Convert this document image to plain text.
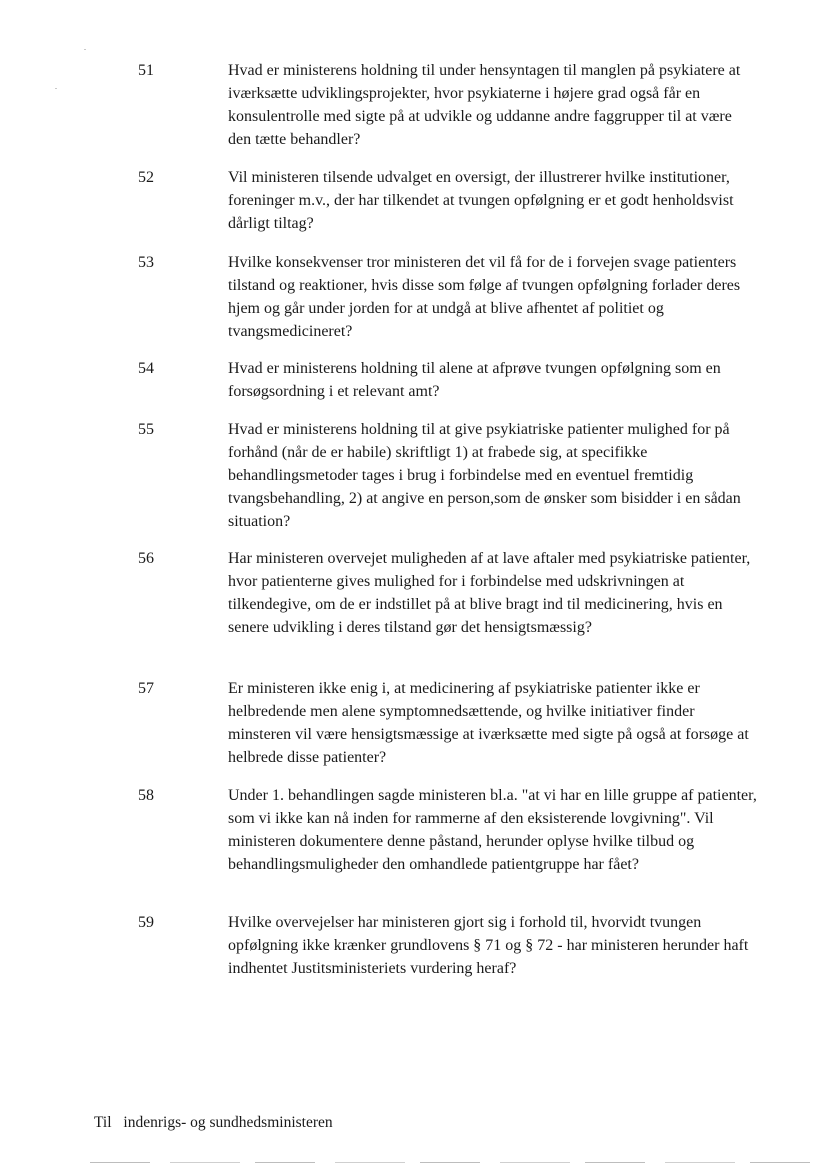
51	Hvad er ministerens holdning til under hensyntagen til manglen på psykiatere at iværksætte udviklingsprojekter, hvor psykiaterne i højere grad også får en konsulentrolle med sigte på at udvikle og uddanne andre faggrupper til at være den tætte behandler?
52	Vil ministeren tilsende udvalget en oversigt, der illustrerer hvilke institutioner, foreninger m.v., der har tilkendet at tvungen opfølgning er et godt henholdsvist dårligt tiltag?
53	Hvilke konsekvenser tror ministeren det vil få for de i forvejen svage patienters tilstand og reaktioner, hvis disse som følge af tvungen opfølgning forlader deres hjem og går under jorden for at undgå at blive afhentet af politiet og tvangsmedicineret?
54	Hvad er ministerens holdning til alene at afprøve tvungen opfølgning som en forsøgsordning i et relevant amt?
55	Hvad er ministerens holdning til at give psykiatriske patienter mulighed for på forhånd (når de er habile) skriftligt 1) at frabede sig, at specifikke behandlingsmetoder tages i brug i forbindelse med en eventuel fremtidig tvangsbehandling, 2) at angive en person,som de ønsker som bisidder i en sådan situation?
56	Har ministeren overvejet muligheden af at lave aftaler med psykiatriske patienter, hvor patienterne gives mulighed for i forbindelse med udskrivningen at tilkendegive, om de er indstillet på at blive bragt ind til medicinering, hvis en senere udvikling i deres tilstand gør det hensigtsmæssig?
57	Er ministeren ikke enig i, at medicinering af psykiatriske patienter ikke er helbredende men alene symptomnedsættende, og hvilke initiativer finder minsteren vil være hensigtsmæssige at iværksætte med sigte på også at forsøge at helbrede disse patienter?
58	Under 1. behandlingen sagde ministeren bl.a. "at vi har en lille gruppe af patienter, som vi ikke kan nå inden for rammerne af den eksisterende lovgivning". Vil ministeren dokumentere denne påstand, herunder oplyse hvilke tilbud og behandlingsmuligheder den omhandlede patientgruppe har fået?
59	Hvilke overvejelser har ministeren gjort sig i forhold til, hvorvidt tvungen opfølgning ikke krænker grundlovens § 71 og § 72 - har ministeren herunder haft indhentet Justitsministeriets vurdering heraf?
Til indenrigs- og sundhedsministeren
